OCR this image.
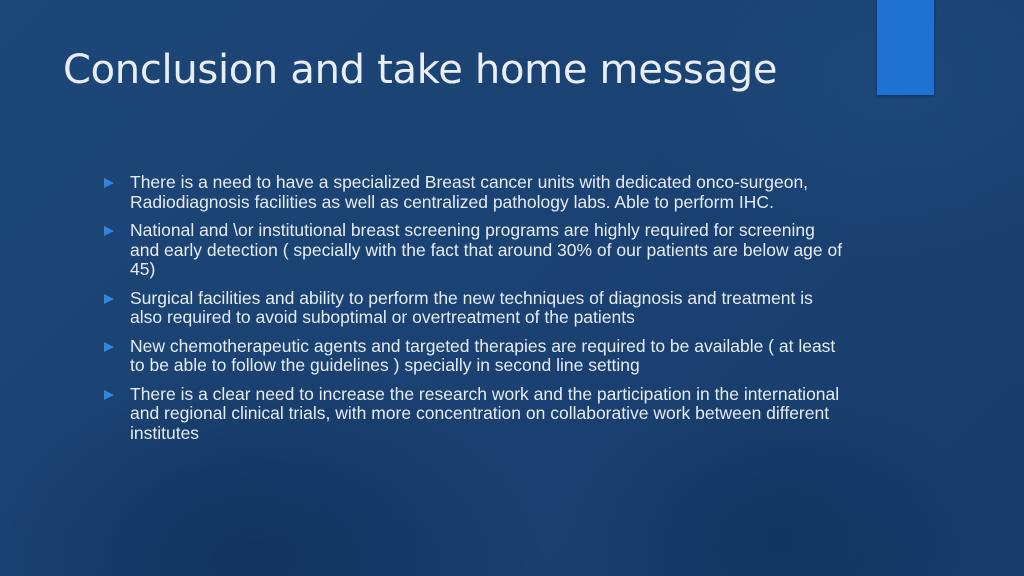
Conclusion and take home message
There is a need to have a specialized Breast cancer units with dedicated onco-surgeon, Radiodiagnosis facilities as well as centralized pathology labs. Able to perform IHC.
National and \or institutional breast screening programs are highly required for screening and early detection ( specially with the fact that around 30% of our patients are below age of 45)
Surgical facilities and ability to perform the new techniques of diagnosis and treatment is also required to avoid suboptimal or overtreatment of the patients
New chemotherapeutic agents and targeted therapies are required to be available ( at least to be able to follow the guidelines ) specially in second line setting
There is a clear need to increase the research work and the participation in the international and regional clinical trials, with more concentration on collaborative work between different institutes
